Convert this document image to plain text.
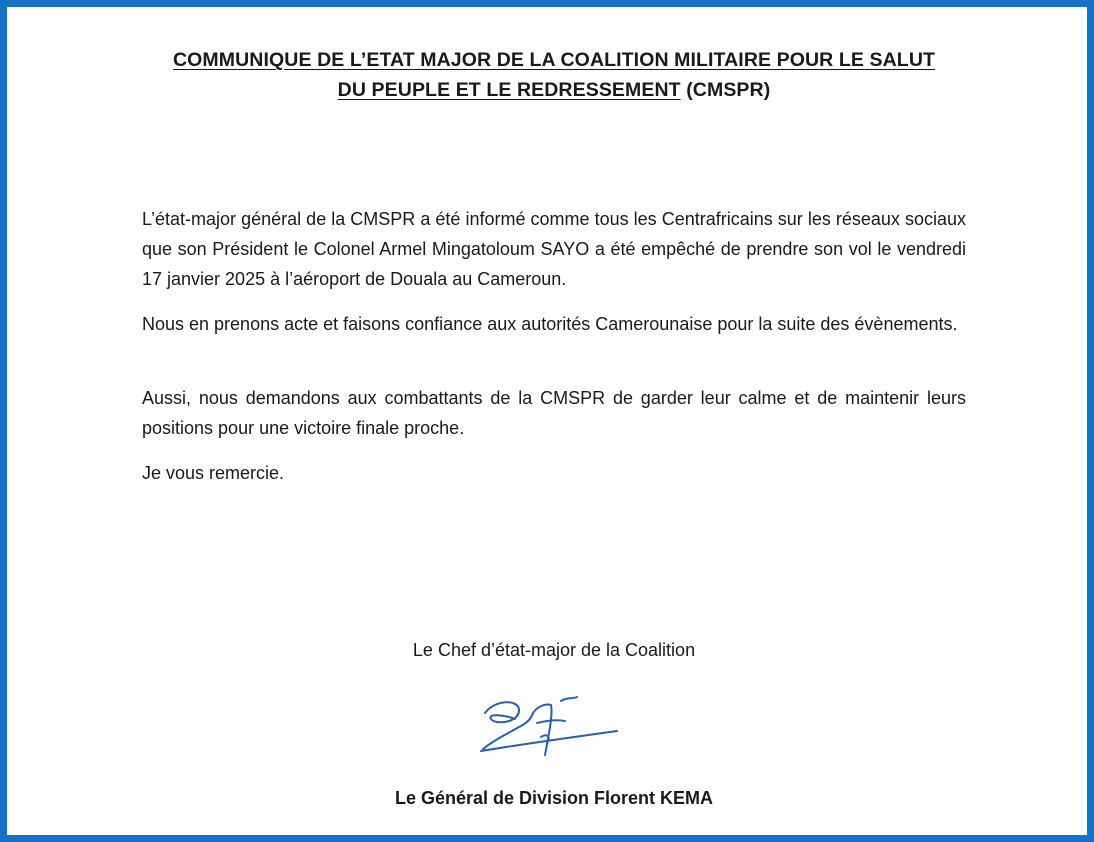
COMMUNIQUE DE L’ETAT MAJOR DE LA COALITION MILITAIRE POUR LE SALUT
DU PEUPLE ET LE REDRESSEMENT (CMSPR)
L’état-major général de la CMSPR a été informé comme tous les Centrafricains sur les réseaux sociaux que son Président le Colonel Armel Mingatoloum SAYO a été empêché de prendre son vol le vendredi 17 janvier 2025 à l’aéroport de Douala au Cameroun.
Nous en prenons acte et faisons confiance aux autorités Camerounaise pour la suite des évènements.
Aussi, nous demandons aux combattants de la CMSPR de garder leur calme et de maintenir leurs positions pour une victoire finale proche.
Je vous remercie.
Le Chef d’état-major de la Coalition
Le Général de Division Florent KEMA
